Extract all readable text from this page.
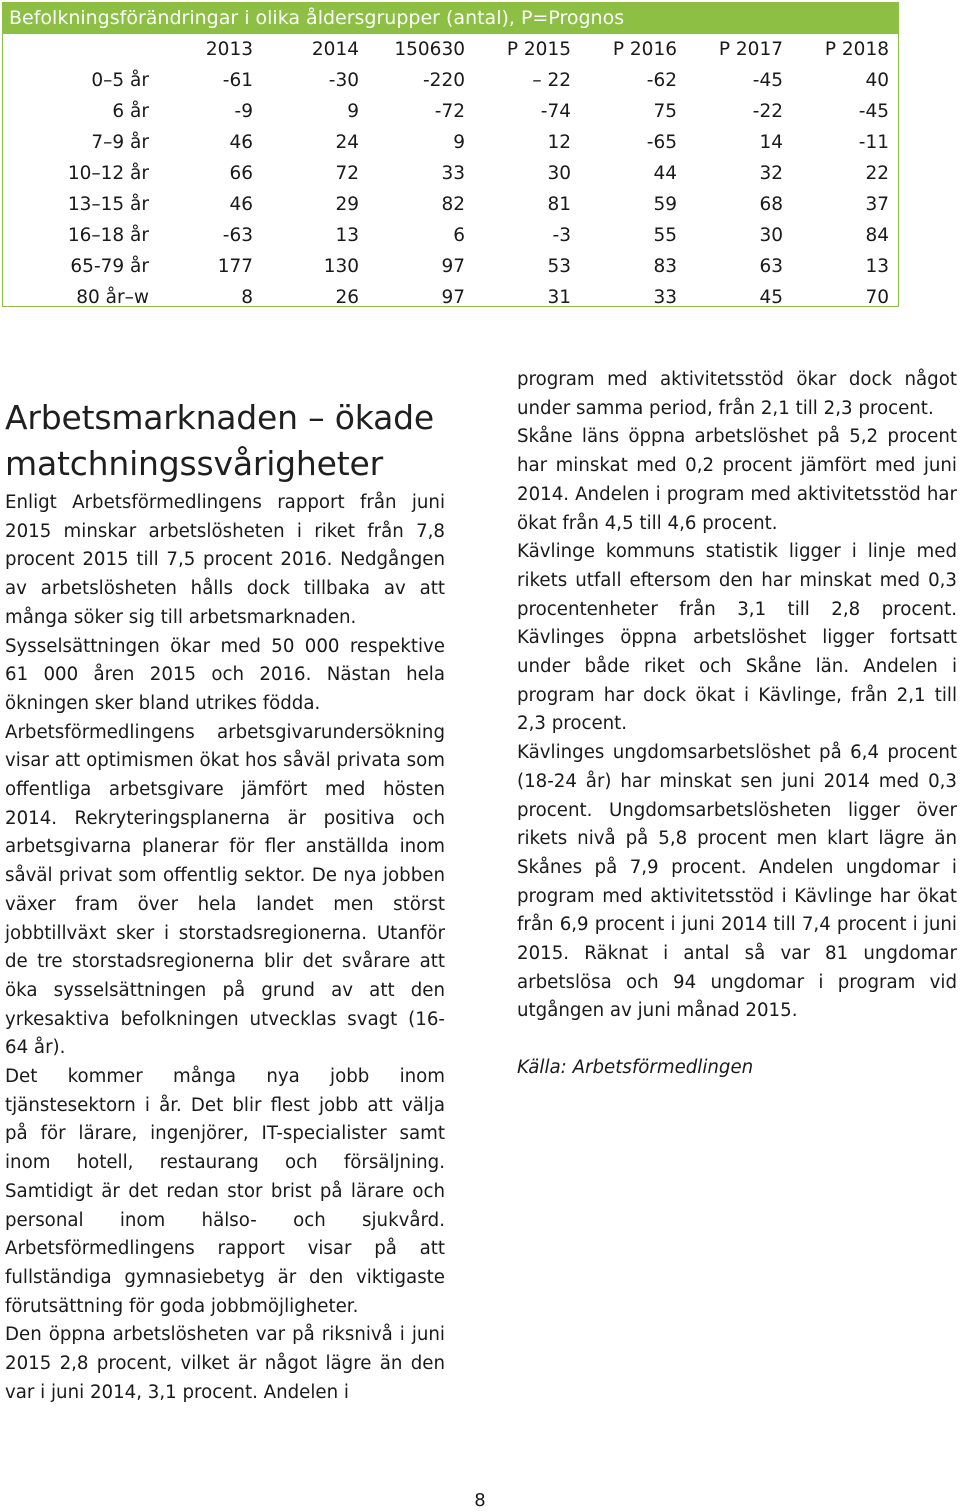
Befolkningsförändringar i olika åldersgrupper (antal), P=Prognos
2013	2014	150630	P 2015	P 2016	P 2017	P 2018
0–5 år	-61	-30	-220	– 22	-62	-45	40
6 år	-9	9	-72	-74	75	-22	-45
7–9 år	46	24	9	12	-65	14	-11
10–12 år	66	72	33	30	44	32	22
13–15 år	46	29	82	81	59	68	37
16–18 år	-63	13	6	-3	55	30	84
65-79 år	177	130	97	53	83	63	13
80 år–w	8	26	97	31	33	45	70
Arbetsmarknaden – ökade matchningssvårigheter

Enligt Arbetsförmedlingens rapport från juni 2015 minskar arbetslösheten i riket från 7,8 procent 2015 till 7,5 procent 2016. Nedgången av arbetslösheten hålls dock tillbaka av att många söker sig till arbetsmarknaden.

Sysselsättningen ökar med 50 000 respektive 61 000 åren 2015 och 2016. Nästan hela ökningen sker bland utrikes födda.

Arbetsförmedlingens arbetsgivarundersökning visar att optimismen ökat hos såväl privata som offentliga arbetsgivare jämfört med hösten 2014. Rekryteringsplanerna är positiva och arbetsgivarna planerar för fler anställda inom såväl privat som offentlig sektor. De nya jobben växer fram över hela landet men störst jobbtillväxt sker i storstadsregionerna. Utanför de tre storstadsregionerna blir det svårare att öka sysselsättningen på grund av att den yrkesaktiva befolkningen utvecklas svagt (16-64 år).

Det kommer många nya jobb inom tjänstesektorn i år. Det blir flest jobb att välja på för lärare, ingenjörer, IT-specialister samt inom hotell, restaurang och försäljning. Samtidigt är det redan stor brist på lärare och personal inom hälso- och sjukvård. Arbetsförmedlingens rapport visar på att fullständiga gymnasiebetyg är den viktigaste förutsättning för goda jobbmöjligheter.

Den öppna arbetslösheten var på riksnivå i juni 2015 2,8 procent, vilket är något lägre än den var i juni 2014, 3,1 procent. Andelen i

program med aktivitetsstöd ökar dock något under samma period, från 2,1 till 2,3 procent.

Skåne läns öppna arbetslöshet på 5,2 procent har minskat med 0,2 procent jämfört med juni 2014. Andelen i program med aktivitetsstöd har ökat från 4,5 till 4,6 procent.

Kävlinge kommuns statistik ligger i linje med rikets utfall eftersom den har minskat med 0,3 procentenheter från 3,1 till 2,8 procent. Kävlinges öppna arbetslöshet ligger fortsatt under både riket och Skåne län. Andelen i program har dock ökat i Kävlinge, från 2,1 till 2,3 procent.

Kävlinges ungdomsarbetslöshet på 6,4 procent (18-24 år) har minskat sen juni 2014 med 0,3 procent. Ungdomsarbetslösheten ligger över rikets nivå på 5,8 procent men klart lägre än Skånes på 7,9 procent. Andelen ungdomar i program med aktivitetsstöd i Kävlinge har ökat från 6,9 procent i juni 2014 till 7,4 procent i juni 2015. Räknat i antal så var 81 ungdomar arbetslösa och 94 ungdomar i program vid utgången av juni månad 2015.

Källa: Arbetsförmedlingen
8
